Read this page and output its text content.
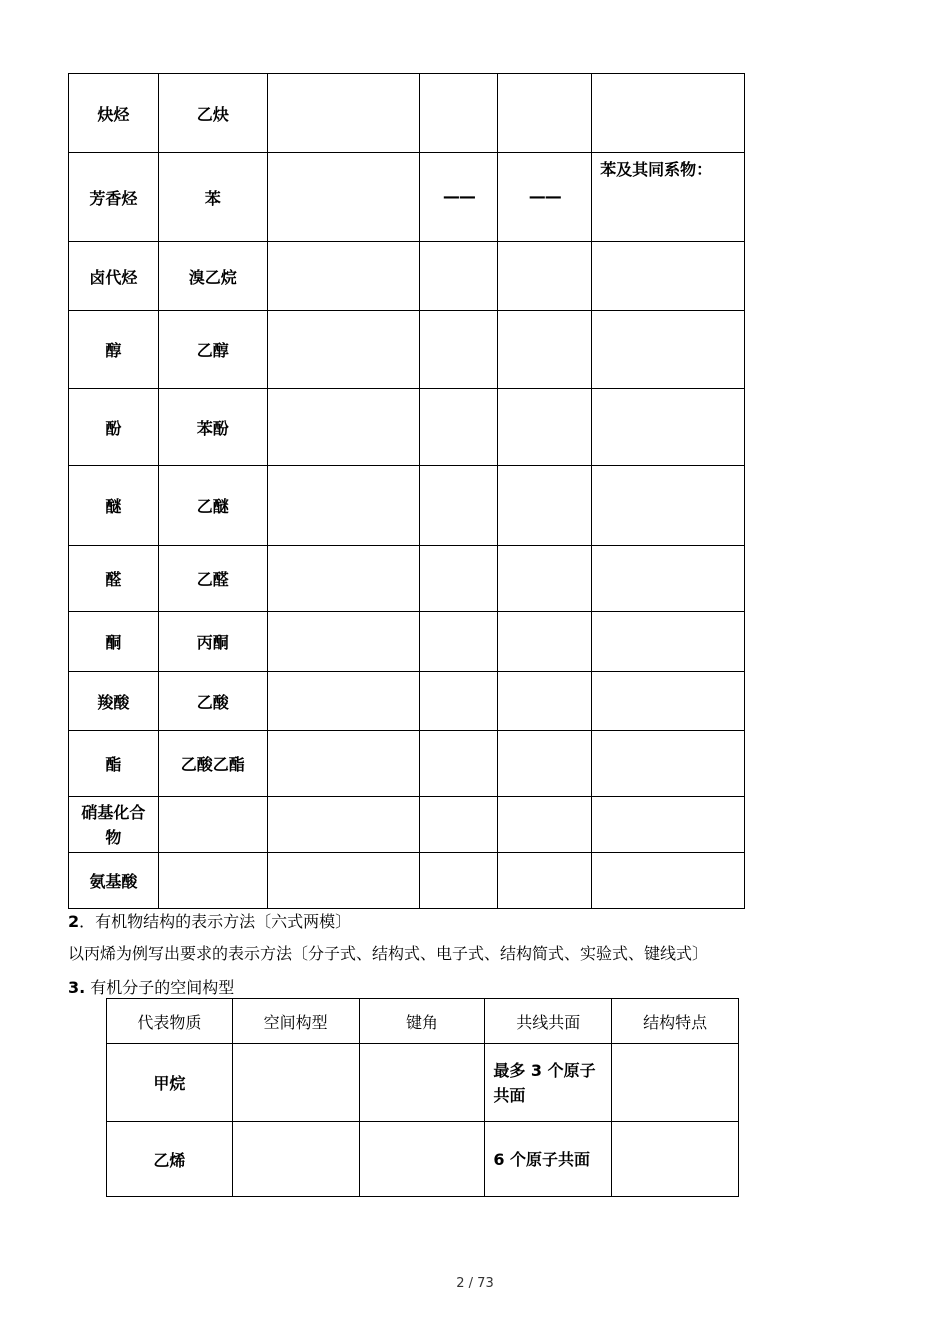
炔烃	乙炔				
芳香烃	苯		——	——	苯及其同系物：
卤代烃	溴乙烷				
醇	乙醇				
酚	苯酚				
醚	乙醚				
醛	乙醛				
酮	丙酮				
羧酸	乙酸				
酯	乙酸乙酯				
硝基化合
物					
氨基酸					
2．有机物结构的表示方法〔六式两模〕
以丙烯为例写出要求的表示方法〔分子式、结构式、电子式、结构简式、实验式、键线式〕
3. 有机分子的空间构型
代表物质	空间构型	键角	共线共面	结构特点
甲烷			最多 3 个原子
共面	
乙烯			6 个原子共面	
2 / 73
